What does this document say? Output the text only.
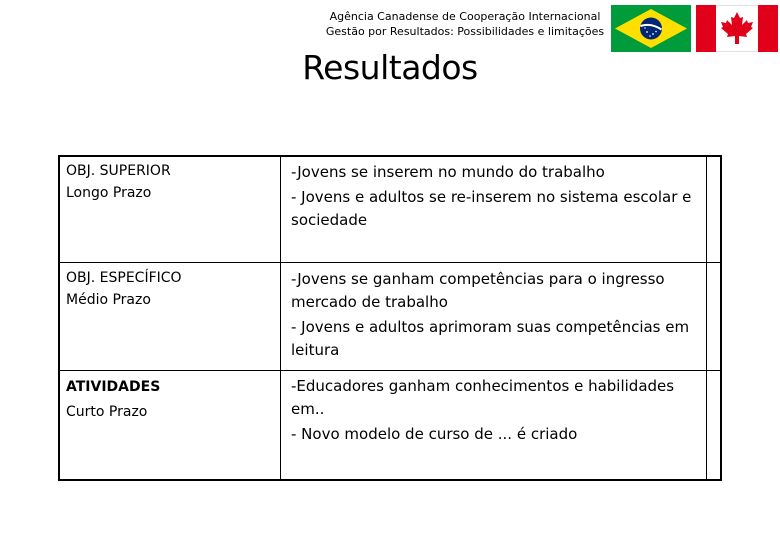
Agência Canadense de Cooperação Internacional
Gestão por Resultados: Possibilidades e limitações
Resultados
OBJ. SUPERIOR
Longo Prazo

-Jovens se inserem no mundo do trabalho

- Jovens e adultos se re-inserem no sistema escolar e sociedade

OBJ. ESPECÍFICO
Médio Prazo

-Jovens se ganham competências para o ingresso mercado de trabalho

- Jovens e adultos aprimoram suas competências em leitura

ATIVIDADES
Curto Prazo

-Educadores ganham conhecimentos e habilidades em..

- Novo modelo de curso de ... é criado
